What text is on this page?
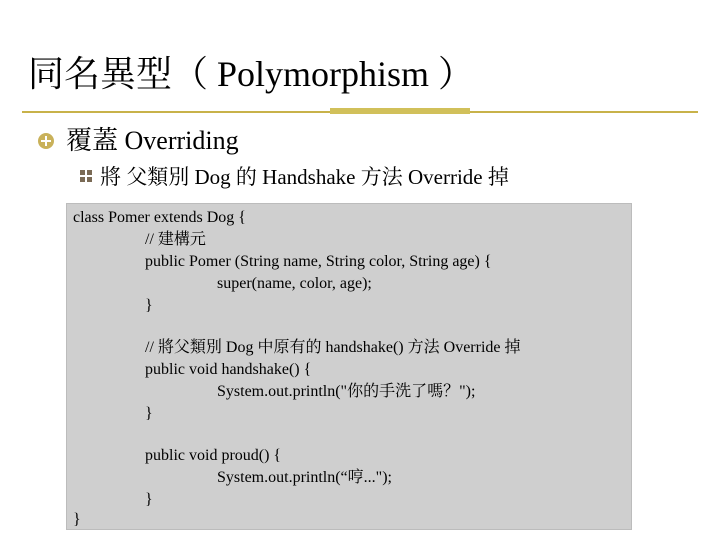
同名異型（ Polymorphism ）
覆蓋 Overriding
將 父類別 Dog 的 Handshake 方法 Override 掉
class Pomer extends Dog {
// 建構元
public Pomer (String name, String color, String age) {
super(name, color, age);
}
// 將父類別 Dog 中原有的 handshake() 方法 Override 掉
public void handshake() {
System.out.println("你的手洗了嗎？");
}
public void proud() {
System.out.println(“哼...");
}
}
